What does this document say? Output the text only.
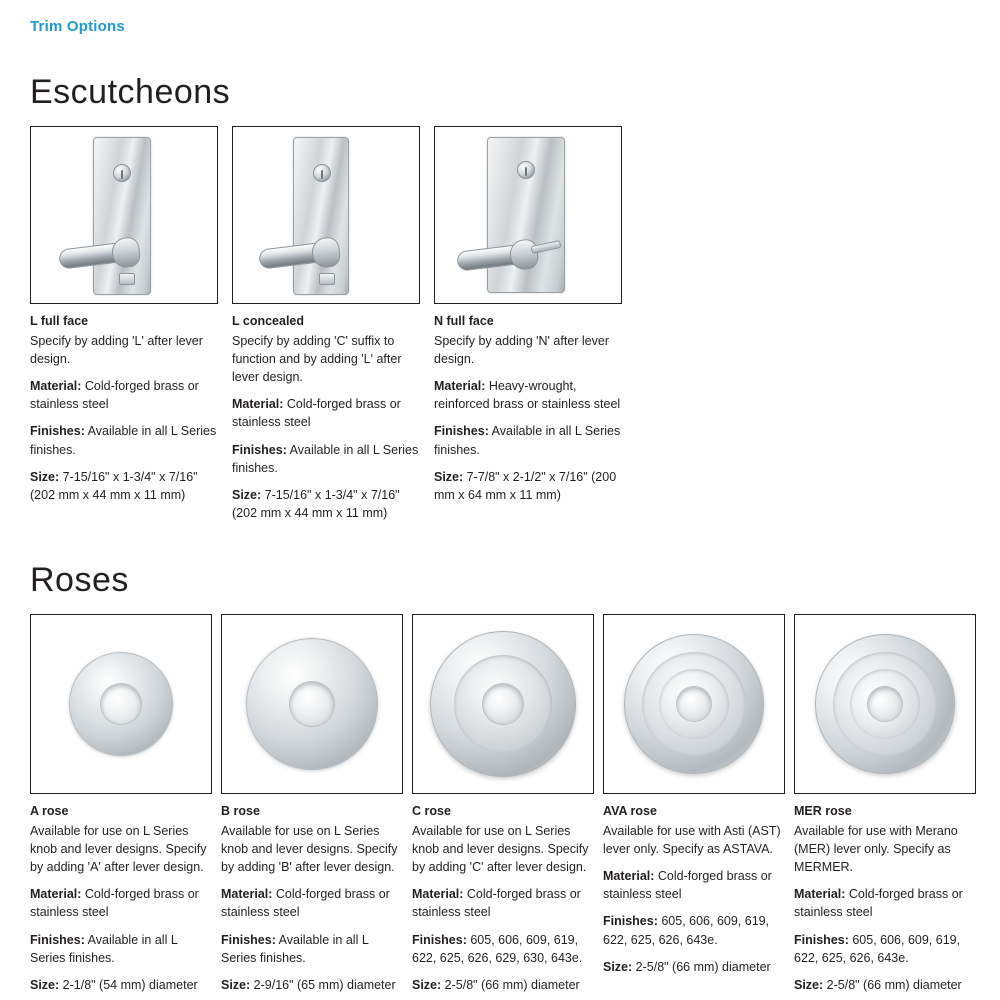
Trim Options
Escutcheons
L full face

Specify by adding 'L' after lever design.

Material: Cold-forged brass or stainless steel

Finishes: Available in all L Series finishes.

Size: 7-15/16" x 1-3/4" x 7/16" (202 mm x 44 mm x 11 mm)

L concealed

Specify by adding 'C' suffix to function and by adding 'L' after lever design.

Material: Cold-forged brass or stainless steel

Finishes: Available in all L Series finishes.

Size: 7-15/16" x 1-3/4" x 7/16" (202 mm x 44 mm x 11 mm)

N full face

Specify by adding 'N' after lever design.

Material: Heavy-wrought, reinforced brass or stainless steel

Finishes: Available in all L Series finishes.

Size: 7-7/8" x 2-1/2" x 7/16" (200 mm x 64 mm x 11 mm)

Roses
A rose

Available for use on L Series knob and lever designs. Specify by adding 'A' after lever design.

Material: Cold-forged brass or stainless steel

Finishes: Available in all L Series finishes.

Size: 2-1/8" (54 mm) diameter

B rose

Available for use on L Series knob and lever designs. Specify by adding 'B' after lever design.

Material: Cold-forged brass or stainless steel

Finishes: Available in all L Series finishes.

Size: 2-9/16" (65 mm) diameter

C rose

Available for use on L Series knob and lever designs. Specify by adding 'C' after lever design.

Material: Cold-forged brass or stainless steel

Finishes: 605, 606, 609, 619, 622, 625, 626, 629, 630, 643e.

Size: 2-5/8" (66 mm) diameter

AVA rose

Available for use with Asti (AST) lever only. Specify as ASTAVA.

Material: Cold-forged brass or stainless steel

Finishes: 605, 606, 609, 619, 622, 625, 626, 643e.

Size: 2-5/8" (66 mm) diameter

MER rose

Available for use with Merano (MER) lever only. Specify as MERMER.

Material: Cold-forged brass or stainless steel

Finishes: 605, 606, 609, 619, 622, 625, 626, 643e.

Size: 2-5/8" (66 mm) diameter
